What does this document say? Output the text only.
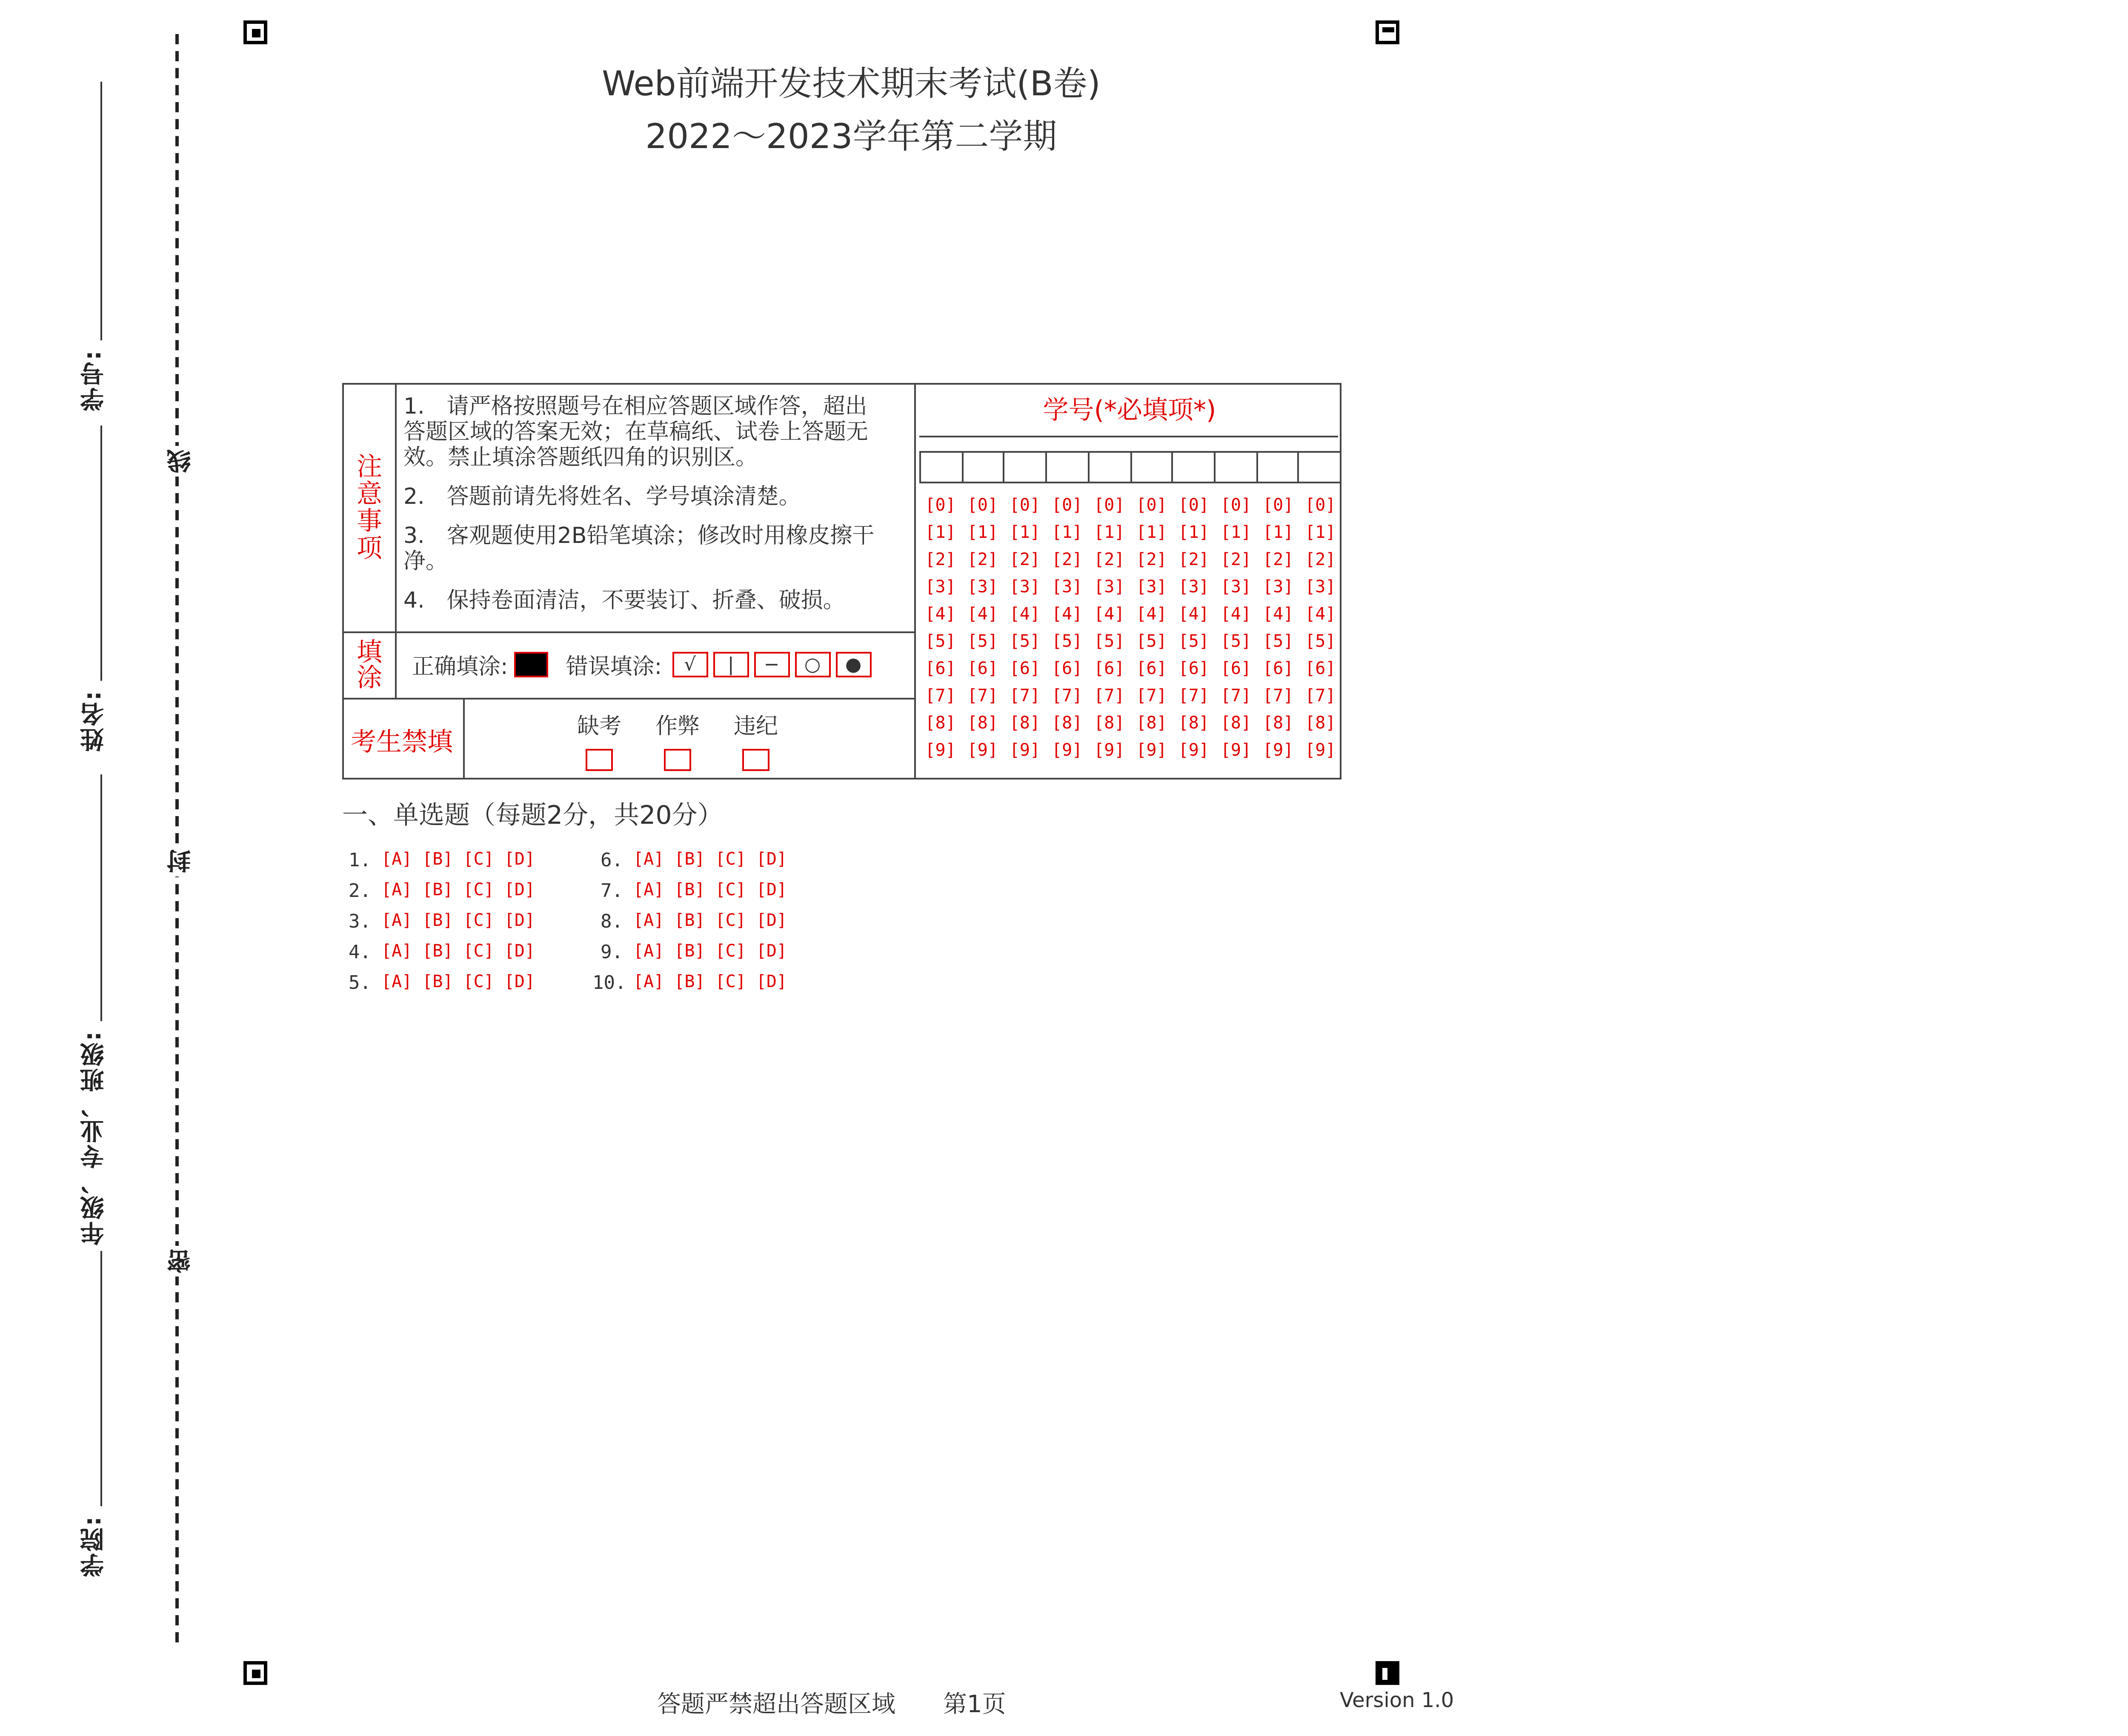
学号:
姓名:
年级、专业、班级:
学院:
线
封
密
Web前端开发技术期末考试(B卷)
2022～2023学年第二学期
注意事项

1.　请严格按照题号在相应答题区域作答，超出答题区域的答案无效；在草稿纸、试卷上答题无效。禁止填涂答题纸四角的识别区。

2.　答题前请先将姓名、学号填涂清楚。

3.　客观题使用2B铅笔填涂；修改时用橡皮擦干净。

4.　保持卷面清洁，不要装订、折叠、破损。

填涂	正确填涂:	错误填涂:	√	|	−	○	●
考生禁填	缺考	作弊	违纪
学号(*必填项*)
[0]	[0]	[0]	[0]	[0]	[0]	[0]	[0]	[0]	[0]
[1]	[1]	[1]	[1]	[1]	[1]	[1]	[1]	[1]	[1]
[2]	[2]	[2]	[2]	[2]	[2]	[2]	[2]	[2]	[2]
[3]	[3]	[3]	[3]	[3]	[3]	[3]	[3]	[3]	[3]
[4]	[4]	[4]	[4]	[4]	[4]	[4]	[4]	[4]	[4]
[5]	[5]	[5]	[5]	[5]	[5]	[5]	[5]	[5]	[5]
[6]	[6]	[6]	[6]	[6]	[6]	[6]	[6]	[6]	[6]
[7]	[7]	[7]	[7]	[7]	[7]	[7]	[7]	[7]	[7]
[8]	[8]	[8]	[8]	[8]	[8]	[8]	[8]	[8]	[8]
[9]	[9]	[9]	[9]	[9]	[9]	[9]	[9]	[9]	[9]
一、单选题（每题2分，共20分）
1. [A] [B] [C] [D]
2. [A] [B] [C] [D]
3. [A] [B] [C] [D]
4. [A] [B] [C] [D]
5. [A] [B] [C] [D]
6. [A] [B] [C] [D]
7. [A] [B] [C] [D]
8. [A] [B] [C] [D]
9. [A] [B] [C] [D]
10. [A] [B] [C] [D]
答题严禁超出答题区域	第1页	Version 1.0
